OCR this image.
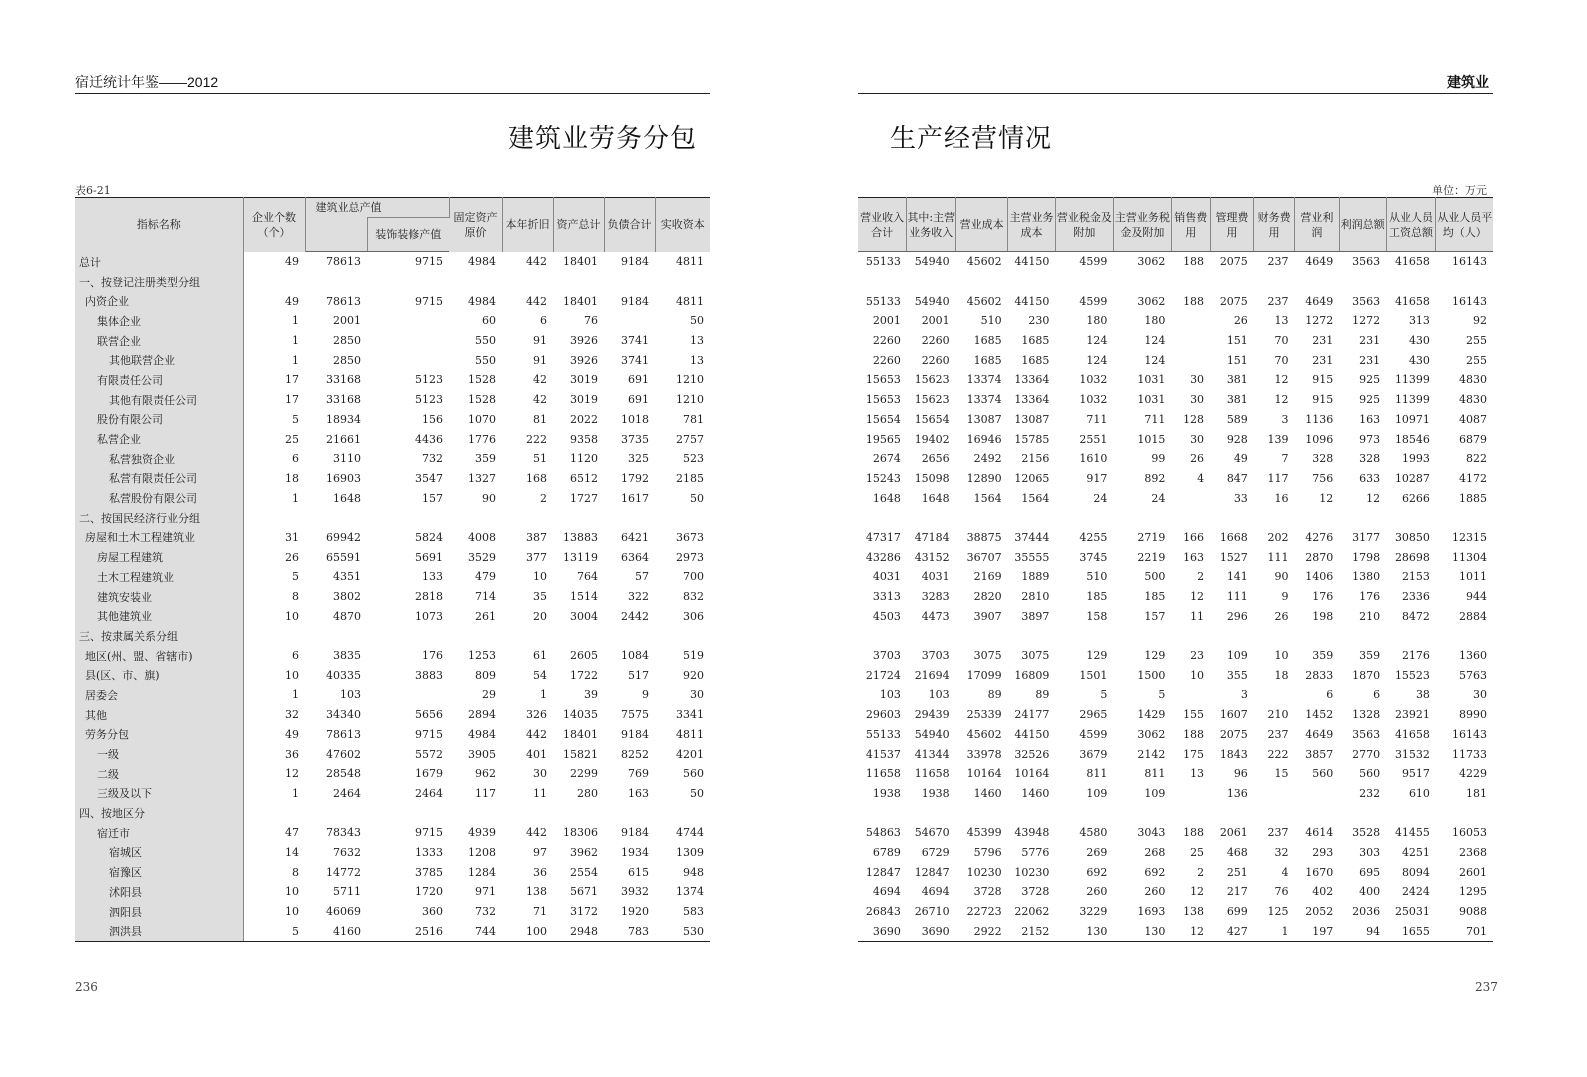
宿迁统计年鉴——2012
建筑业劳务分包
表6-21
指标名称	企业个数（个）	建筑业总产值		固定资产原价	本年折旧	资产总计	负债合计	实收资本
			装饰装修产值					
总计	49	78613	9715	4984	442	18401	9184	4811
一、按登记注册类型分组								
内资企业	49	78613	9715	4984	442	18401	9184	4811
集体企业	1	2001		60	6	76		50
联营企业	1	2850		550	91	3926	3741	13
其他联营企业	1	2850		550	91	3926	3741	13
有限责任公司	17	33168	5123	1528	42	3019	691	1210
其他有限责任公司	17	33168	5123	1528	42	3019	691	1210
股份有限公司	5	18934	156	1070	81	2022	1018	781
私营企业	25	21661	4436	1776	222	9358	3735	2757
私营独资企业	6	3110	732	359	51	1120	325	523
私营有限责任公司	18	16903	3547	1327	168	6512	1792	2185
私营股份有限公司	1	1648	157	90	2	1727	1617	50
二、按国民经济行业分组								
房屋和土木工程建筑业	31	69942	5824	4008	387	13883	6421	3673
房屋工程建筑	26	65591	5691	3529	377	13119	6364	2973
土木工程建筑业	5	4351	133	479	10	764	57	700
建筑安装业	8	3802	2818	714	35	1514	322	832
其他建筑业	10	4870	1073	261	20	3004	2442	306
三、按隶属关系分组								
地区(州、盟、省辖市)	6	3835	176	1253	61	2605	1084	519
县(区、市、旗)	10	40335	3883	809	54	1722	517	920
居委会	1	103		29	1	39	9	30
其他	32	34340	5656	2894	326	14035	7575	3341
劳务分包	49	78613	9715	4984	442	18401	9184	4811
一级	36	47602	5572	3905	401	15821	8252	4201
二级	12	28548	1679	962	30	2299	769	560
三级及以下	1	2464	2464	117	11	280	163	50
四、按地区分								
宿迁市	47	78343	9715	4939	442	18306	9184	4744
宿城区	14	7632	1333	1208	97	3962	1934	1309
宿豫区	8	14772	3785	1284	36	2554	615	948
沭阳县	10	5711	1720	971	138	5671	3932	1374
泗阳县	10	46069	360	732	71	3172	1920	583
泗洪县	5	4160	2516	744	100	2948	783	530
236
建筑业
生产经营情况
单位：万元
营业收入合计	其中:主营业务收入	营业成本	主营业务成本	营业税金及附加	主营业务税金及附加	销售费用	管理费用	财务费用	营业利润	利润总额	从业人员工资总额	从业人员平均（人）
55133	54940	45602	44150	4599	3062	188	2075	237	4649	3563	41658	16143

55133	54940	45602	44150	4599	3062	188	2075	237	4649	3563	41658	16143
2001	2001	510	230	180	180		26	13	1272	1272	313	92
2260	2260	1685	1685	124	124		151	70	231	231	430	255
2260	2260	1685	1685	124	124		151	70	231	231	430	255
15653	15623	13374	13364	1032	1031	30	381	12	915	925	11399	4830
15653	15623	13374	13364	1032	1031	30	381	12	915	925	11399	4830
15654	15654	13087	13087	711	711	128	589	3	1136	163	10971	4087
19565	19402	16946	15785	2551	1015	30	928	139	1096	973	18546	6879
2674	2656	2492	2156	1610	99	26	49	7	328	328	1993	822
15243	15098	12890	12065	917	892	4	847	117	756	633	10287	4172
1648	1648	1564	1564	24	24		33	16	12	12	6266	1885

47317	47184	38875	37444	4255	2719	166	1668	202	4276	3177	30850	12315
43286	43152	36707	35555	3745	2219	163	1527	111	2870	1798	28698	11304
4031	4031	2169	1889	510	500	2	141	90	1406	1380	2153	1011
3313	3283	2820	2810	185	185	12	111	9	176	176	2336	944
4503	4473	3907	3897	158	157	11	296	26	198	210	8472	2884

3703	3703	3075	3075	129	129	23	109	10	359	359	2176	1360
21724	21694	17099	16809	1501	1500	10	355	18	2833	1870	15523	5763
103	103	89	89	5	5		3		6	6	38	30
29603	29439	25339	24177	2965	1429	155	1607	210	1452	1328	23921	8990
55133	54940	45602	44150	4599	3062	188	2075	237	4649	3563	41658	16143
41537	41344	33978	32526	3679	2142	175	1843	222	3857	2770	31532	11733
11658	11658	10164	10164	811	811	13	96	15	560	560	9517	4229
1938	1938	1460	1460	109	109		136			232	610	181

54863	54670	45399	43948	4580	3043	188	2061	237	4614	3528	41455	16053
6789	6729	5796	5776	269	268	25	468	32	293	303	4251	2368
12847	12847	10230	10230	692	692	2	251	4	1670	695	8094	2601
4694	4694	3728	3728	260	260	12	217	76	402	400	2424	1295
26843	26710	22723	22062	3229	1693	138	699	125	2052	2036	25031	9088
3690	3690	2922	2152	130	130	12	427	1	197	94	1655	701
237
